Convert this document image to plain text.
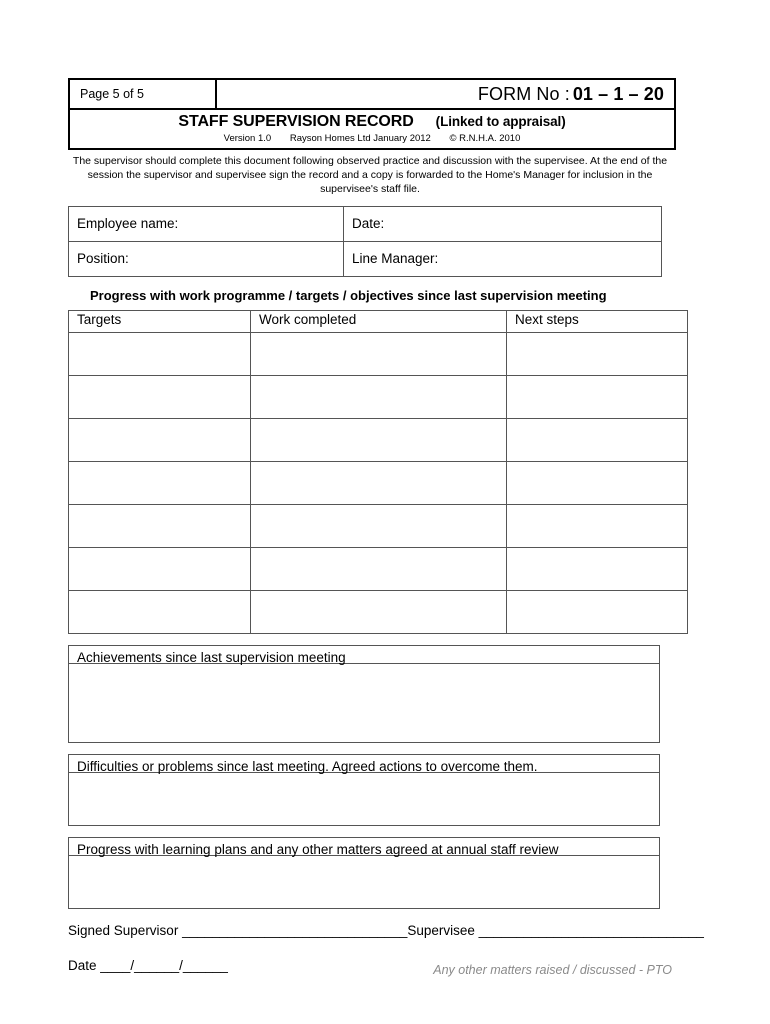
Page 5 of 5	FORM No : 01 – 1 – 20
STAFF SUPERVISION RECORD (Linked to appraisal)
Version 1.0 Rayson Homes Ltd January 2012 © R.N.H.A. 2010
The supervisor should complete this document following observed practice and discussion with the supervisee. At the end of the session the supervisor and supervisee sign the record and a copy is forwarded to the Home's Manager for inclusion in the supervisee's staff file.
Employee name:	Date:
Position:	Line Manager:
Progress with work programme / targets / objectives since last supervision meeting
Targets	Work completed	Next steps

Achievements since last supervision meeting
Difficulties or problems since last meeting. Agreed actions to overcome them.
Progress with learning plans and any other matters agreed at annual staff review
Signed Supervisor ______________________________Supervisee ______________________________
Date ____/______/______	Any other matters raised / discussed - PTO
